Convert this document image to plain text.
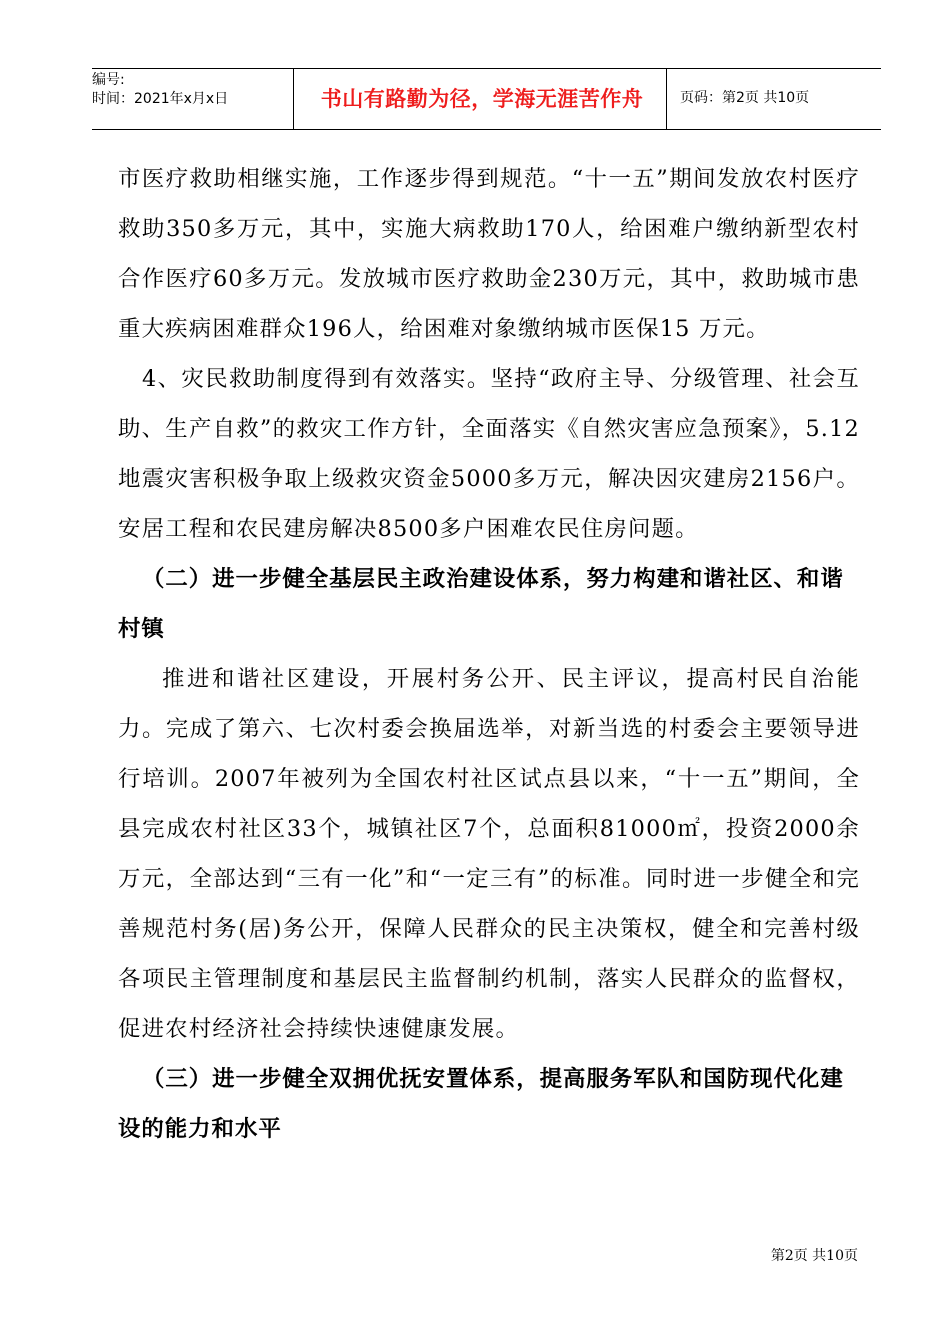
编号:
时间：2021年x月x日	书山有路勤为径，学海无涯苦作舟	页码：第2页 共10页

市医疗救助相继实施，工作逐步得到规范。“十一五”期间发放农村医疗救助350多万元，其中，实施大病救助170人，给困难户缴纳新型农村合作医疗60多万元。发放城市医疗救助金230万元，其中，救助城市患重大疾病困难群众196人，给困难对象缴纳城市医保15 万元。

4、灾民救助制度得到有效落实。坚持“政府主导、分级管理、社会互助、生产自救”的救灾工作方针，全面落实《自然灾害应急预案》，5.12地震灾害积极争取上级救灾资金5000多万元，解决因灾建房2156户。安居工程和农民建房解决8500多户困难农民住房问题。

（二）进一步健全基层民主政治建设体系，努力构建和谐社区、和谐村镇

推进和谐社区建设，开展村务公开、民主评议，提高村民自治能力。完成了第六、七次村委会换届选举，对新当选的村委会主要领导进行培训。2007年被列为全国农村社区试点县以来，“十一五”期间，全县完成农村社区33个，城镇社区7个，总面积81000㎡，投资2000余万元，全部达到“三有一化”和“一定三有”的标准。同时进一步健全和完善规范村务(居)务公开，保障人民群众的民主决策权，健全和完善村级各项民主管理制度和基层民主监督制约机制，落实人民群众的监督权，促进农村经济社会持续快速健康发展。

（三）进一步健全双拥优抚安置体系，提高服务军队和国防现代化建设的能力和水平

第2页 共10页
